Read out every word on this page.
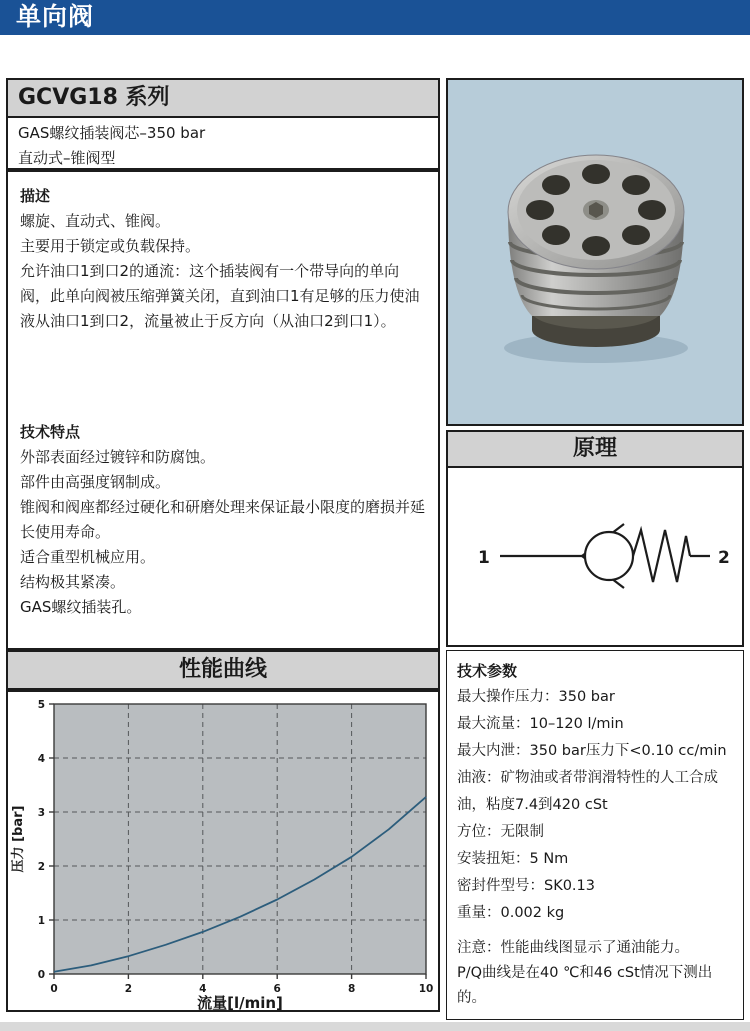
单向阀
GCVG18 系列
GAS螺纹插装阀芯–350 bar
直动式–锥阀型
描述
螺旋、直动式、锥阀。
主要用于锁定或负载保持。
允许油口1到口2的通流：这个插装阀有一个带导向的单向阀，此单向阀被压缩弹簧关闭，直到油口1有足够的压力使油液从油口1到口2，流量被止于反方向（从油口2到口1）。
技术特点
外部表面经过镀锌和防腐蚀。
部件由高强度钢制成。
锥阀和阀座都经过硬化和研磨处理来保证最小限度的磨损并延长使用寿命。
适合重型机械应用。
结构极其紧凑。
GAS螺纹插装孔。
性能曲线
0	2	4	6	8	10
0
1
2
3
4
5
流量[l/min]
压力 [bar]
原理
1	2
技术参数
最大操作压力：350 bar
最大流量：10–120 l/min
最大内泄：350 bar压力下<0.10 cc/min
油液：矿物油或者带润滑特性的人工合成油，粘度7.4到420 cSt
方位：无限制
安装扭矩：5 Nm
密封件型号：SK0.13
重量：0.002 kg
注意：性能曲线图显示了通油能力。
P/Q曲线是在40 ℃和46 cSt情况下测出的。
